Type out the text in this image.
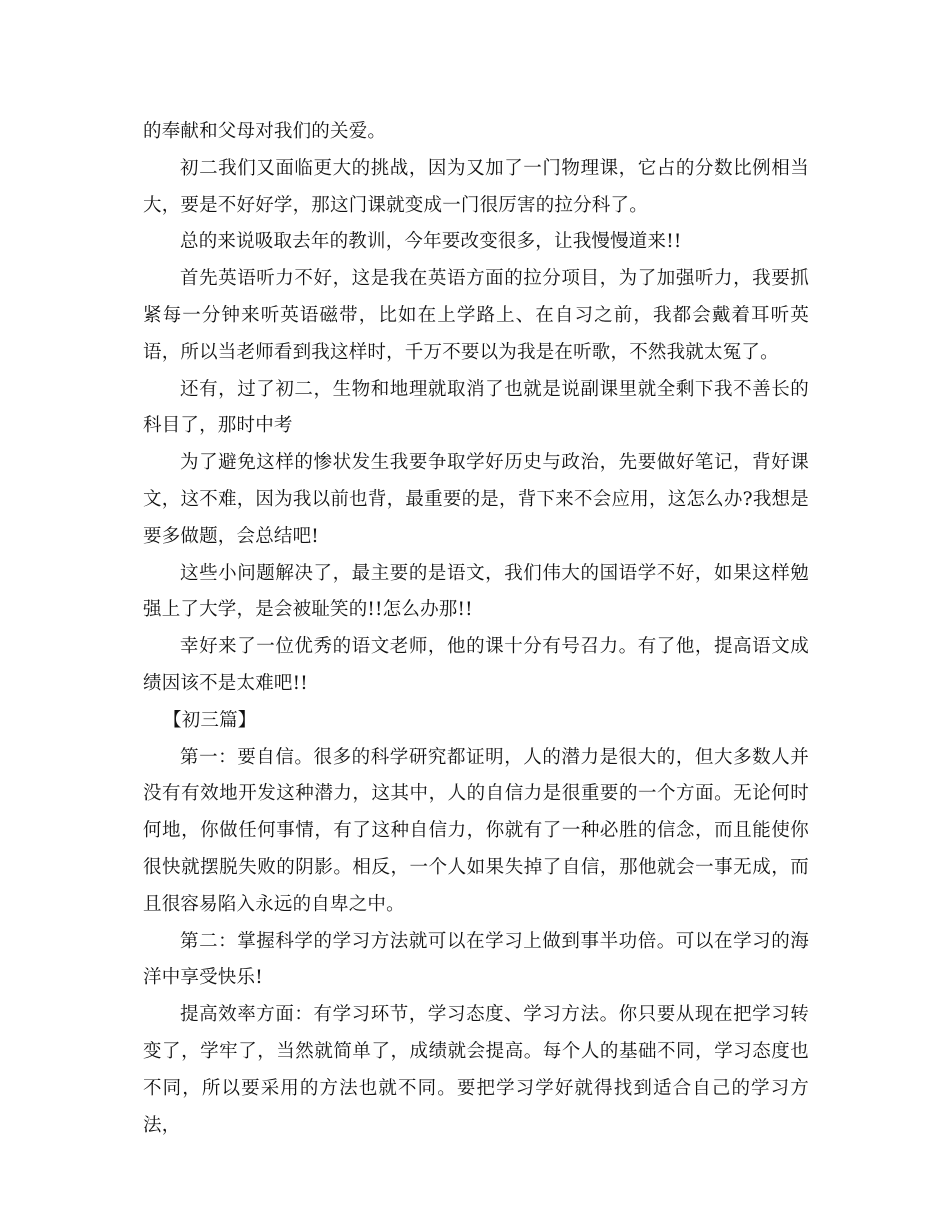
的奉献和父母对我们的关爱。

初二我们又面临更大的挑战，因为又加了一门物理课，它占的分数比例相当大，要是不好好学，那这门课就变成一门很厉害的拉分科了。

总的来说吸取去年的教训，今年要改变很多，让我慢慢道来!!

首先英语听力不好，这是我在英语方面的拉分项目，为了加强听力，我要抓紧每一分钟来听英语磁带，比如在上学路上、在自习之前，我都会戴着耳听英语，所以当老师看到我这样时，千万不要以为我是在听歌，不然我就太冤了。

还有，过了初二，生物和地理就取消了也就是说副课里就全剩下我不善长的科目了，那时中考

为了避免这样的惨状发生我要争取学好历史与政治，先要做好笔记，背好课文，这不难，因为我以前也背，最重要的是，背下来不会应用，这怎么办?我想是要多做题，会总结吧!

这些小问题解决了，最主要的是语文，我们伟大的国语学不好，如果这样勉强上了大学，是会被耻笑的!!怎么办那!!

幸好来了一位优秀的语文老师，他的课十分有号召力。有了他，提高语文成绩因该不是太难吧!!

【初三篇】

第一：要自信。很多的科学研究都证明，人的潜力是很大的，但大多数人并没有有效地开发这种潜力，这其中，人的自信力是很重要的一个方面。无论何时何地，你做任何事情，有了这种自信力，你就有了一种必胜的信念，而且能使你很快就摆脱失败的阴影。相反，一个人如果失掉了自信，那他就会一事无成，而且很容易陷入永远的自卑之中。

第二：掌握科学的学习方法就可以在学习上做到事半功倍。可以在学习的海洋中享受快乐!

提高效率方面：有学习环节，学习态度、学习方法。你只要从现在把学习转变了，学牢了，当然就简单了，成绩就会提高。每个人的基础不同，学习态度也不同，所以要采用的方法也就不同。要把学习学好就得找到适合自己的学习方法，
